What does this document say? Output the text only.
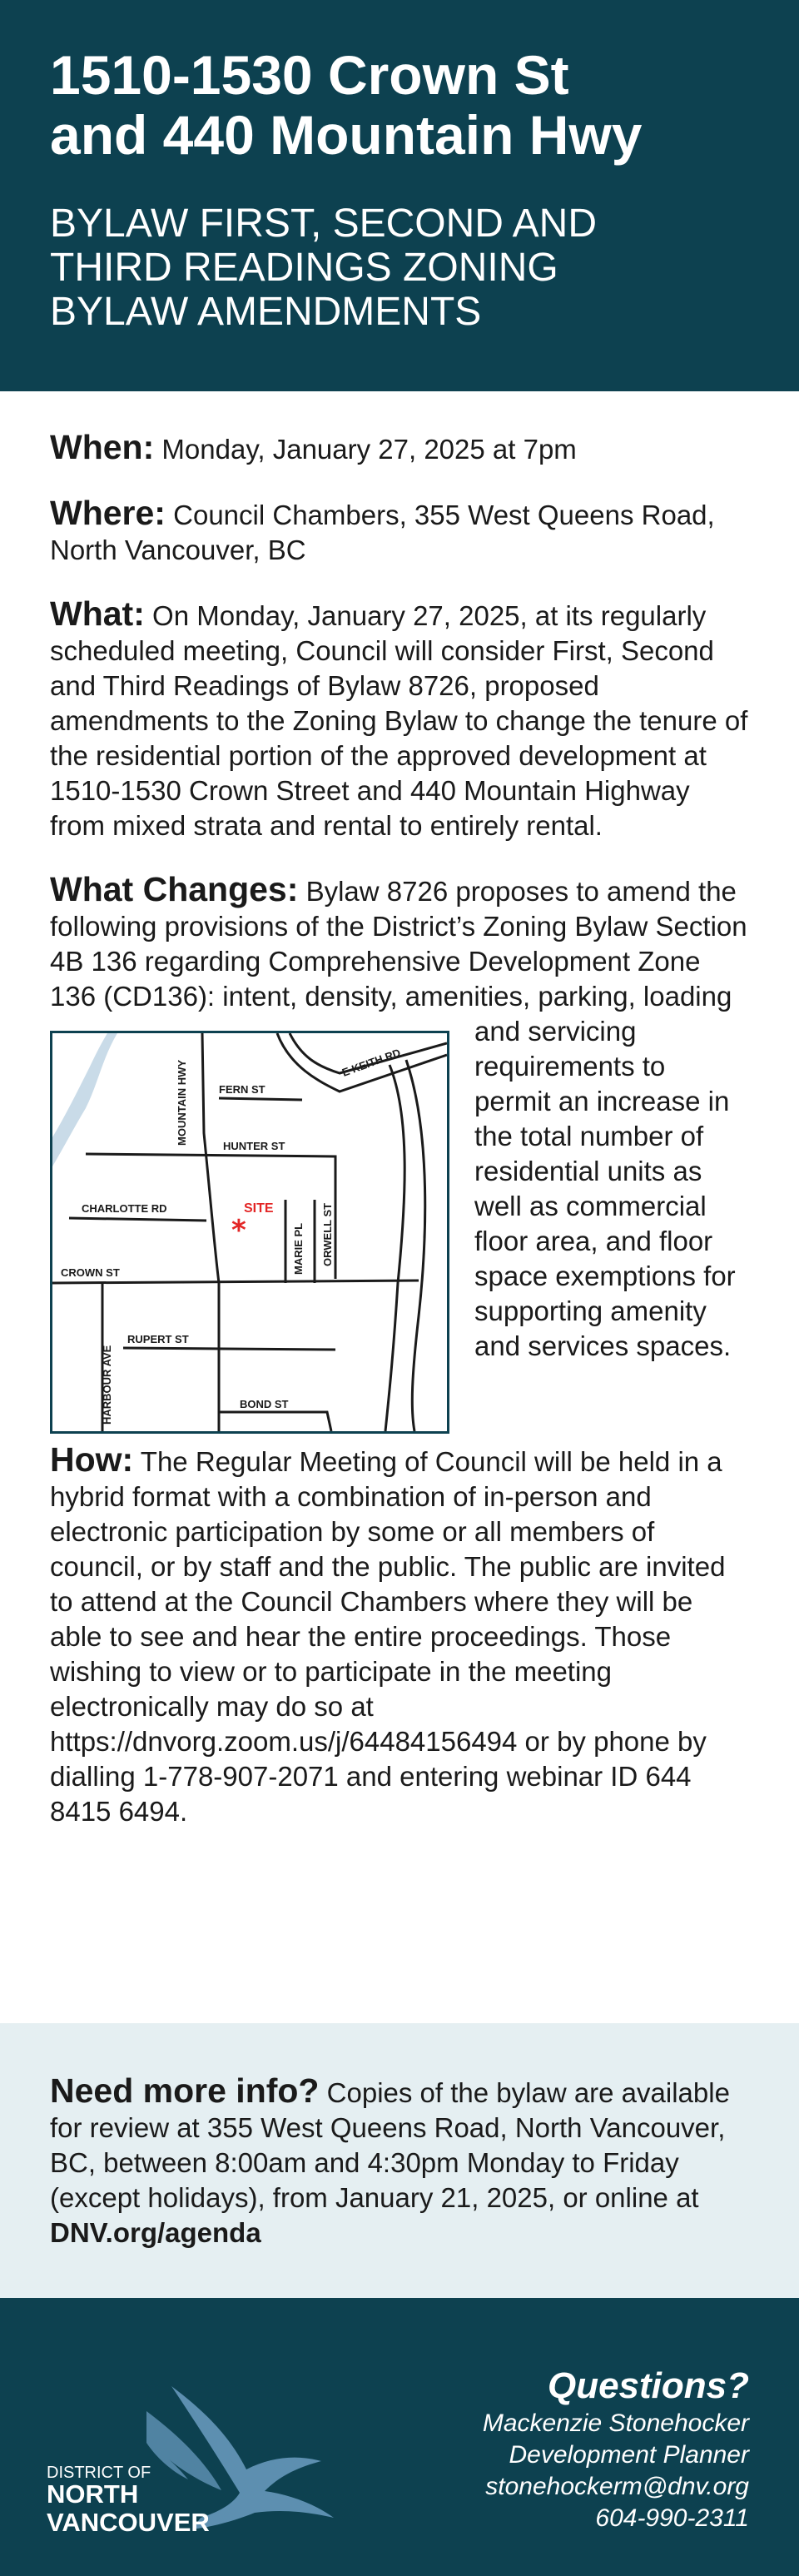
1510-1530 Crown St
and 440 Mountain Hwy
BYLAW FIRST, SECOND AND
THIRD READINGS ZONING
BYLAW AMENDMENTS

When: Monday, January 27, 2025 at 7pm

Where: Council Chambers, 355 West Queens Road, North Vancouver, BC

What: On Monday, January 27, 2025, at its regularly scheduled meeting, Council will consider First, Second and Third Readings of Bylaw 8726, proposed amendments to the Zoning Bylaw to change the tenure of the residential portion of the approved development at 1510-1530 Crown Street and 440 Mountain Highway from mixed strata and rental to entirely rental.

What Changes: Bylaw 8726 proposes to amend the following provisions of the District’s Zoning Bylaw Section 4B 136 regarding Comprehensive Development Zone 136 (CD136): intent, density, amenities, parking, loading and
E KEITH RD
FERN ST
MOUNTAIN HWY
HUNTER ST
CHARLOTTE RD	SITE
MARIE PL ORWELL ST
CROWN ST
RUPERT ST
HARBOUR AVE	BOND ST
*
servicing requirements to permit an increase in the total number of residential units as well as commercial floor area, and floor space exemptions for supporting amenity and services spaces.

How: The Regular Meeting of Council will be held in a hybrid format with a combination of in-person and electronic participation by some or all members of council, or by staff and the public. The public are invited to attend at the Council Chambers where they will be able to see and hear the entire proceedings. Those wishing to view or to participate in the meeting electronically may do so at https://dnvorg.zoom.us/j/64484156494 or by phone by dialling 1-778-907-2071 and entering webinar ID 644 8415 6494.

Need more info? Copies of the bylaw are available for review at 355 West Queens Road, North Vancouver, BC, between 8:00am and 4:30pm Monday to Friday (except holidays), from January 21, 2025, or online at DNV.org/agenda

DISTRICT OF
NORTH
VANCOUVER
Questions?
Mackenzie Stonehocker
Development Planner
stonehockerm@dnv.org
604-990-2311
